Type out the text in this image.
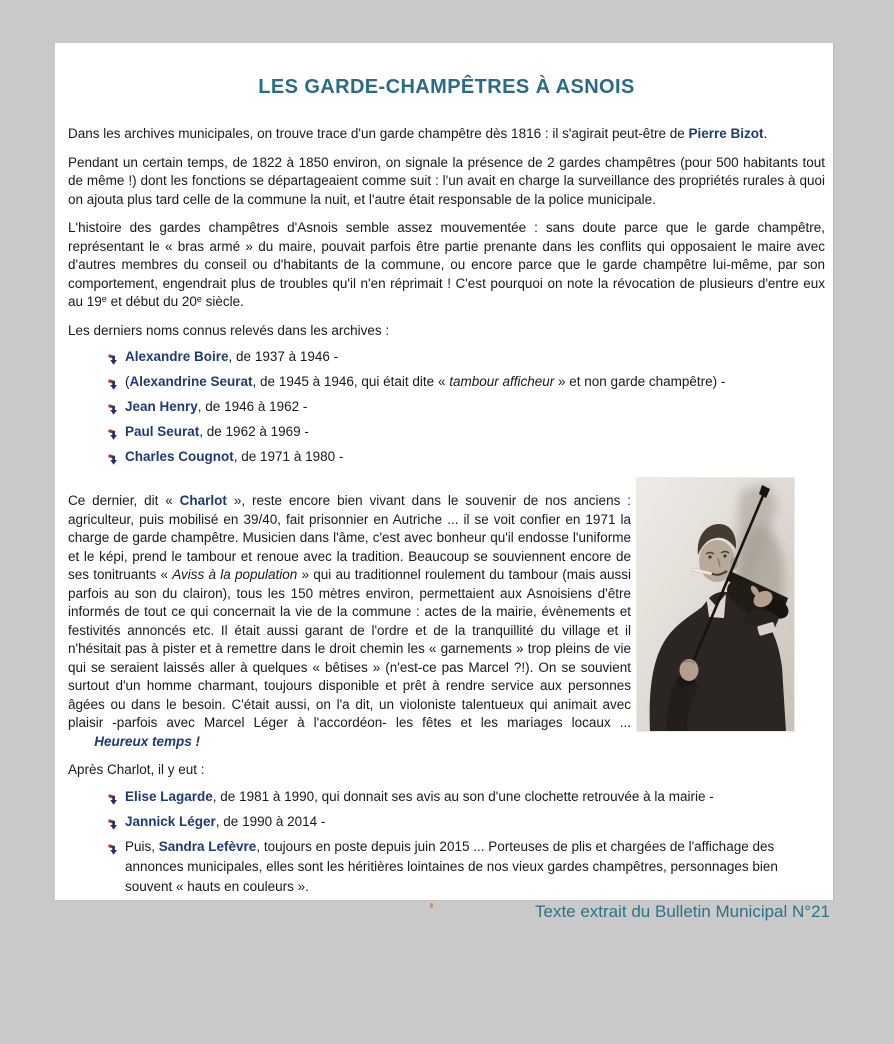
LES GARDE-CHAMPÊTRES À ASNOIS

Dans les archives municipales, on trouve trace d'un garde champêtre dès 1816 : il s'agirait peut-être de Pierre Bizot.

Pendant un certain temps, de 1822 à 1850 environ, on signale la présence de 2 gardes champêtres (pour 500 habitants tout de même !) dont les fonctions se départageaient comme suit : l'un avait en charge la surveillance des propriétés rurales à quoi on ajouta plus tard celle de la commune la nuit, et l'autre était responsable de la police municipale.

L'histoire des gardes champêtres d'Asnois semble assez mouvementée : sans doute parce que le garde champêtre, représentant le « bras armé » du maire, pouvait parfois être partie prenante dans les conflits qui opposaient le maire avec d'autres membres du conseil ou d'habitants de la commune, ou encore parce que le garde champêtre lui-même, par son comportement, engendrait plus de troubles qu'il n'en réprimait ! C'est pourquoi on note la révocation de plusieurs d'entre eux au 19e et début du 20e siècle.

Les derniers noms connus relevés dans les archives :

Alexandre Boire, de 1937 à 1946 -
(Alexandrine Seurat, de 1945 à 1946, qui était dite « tambour afficheur » et non garde champêtre) -
Jean Henry, de 1946 à 1962 -
Paul Seurat, de 1962 à 1969 -
Charles Cougnot, de 1971 à 1980 -

Ce dernier, dit « Charlot », reste encore bien vivant dans le souvenir de nos anciens : agriculteur, puis mobilisé en 39/40, fait prisonnier en Autriche ... il se voit confier en 1971 la charge de garde champêtre. Musicien dans l'âme, c'est avec bonheur qu'il endosse l'uniforme et le képi, prend le tambour et renoue avec la tradition. Beaucoup se souviennent encore de ses tonitruants « Aviss à la population » qui au traditionnel roulement du tambour (mais aussi parfois au son du clairon), tous les 150 mètres environ, permettaient aux Asnoisiens d'être informés de tout ce qui concernait la vie de la commune : actes de la mairie, évènements et festivités annoncés etc. Il était aussi garant de l'ordre et de la tranquillité du village et il n'hésitait pas à pister et à remettre dans le droit chemin les « garnements » trop pleins de vie qui se seraient laissés aller à quelques « bêtises » (n'est-ce pas Marcel ?!). On se souvient surtout d'un homme charmant, toujours disponible et prêt à rendre service aux personnes âgées ou dans le besoin. C'était aussi, on l'a dit, un violoniste talentueux qui animait avec plaisir -parfois avec Marcel Léger à l'accordéon- les fêtes et les mariages locaux ...        Heureux temps !

Après Charlot, il y eut :

Elise Lagarde, de 1981 à 1990, qui donnait ses avis au son d'une clochette retrouvée à la mairie -
Jannick Léger, de 1990 à 2014 -
Puis, Sandra Lefèvre, toujours en poste depuis juin 2015 ... Porteuses de plis et chargées de l'affichage des annonces municipales, elles sont les héritières lointaines de nos vieux gardes champêtres, personnages bien souvent « hauts en couleurs ».
Texte extrait du Bulletin Municipal N°21
